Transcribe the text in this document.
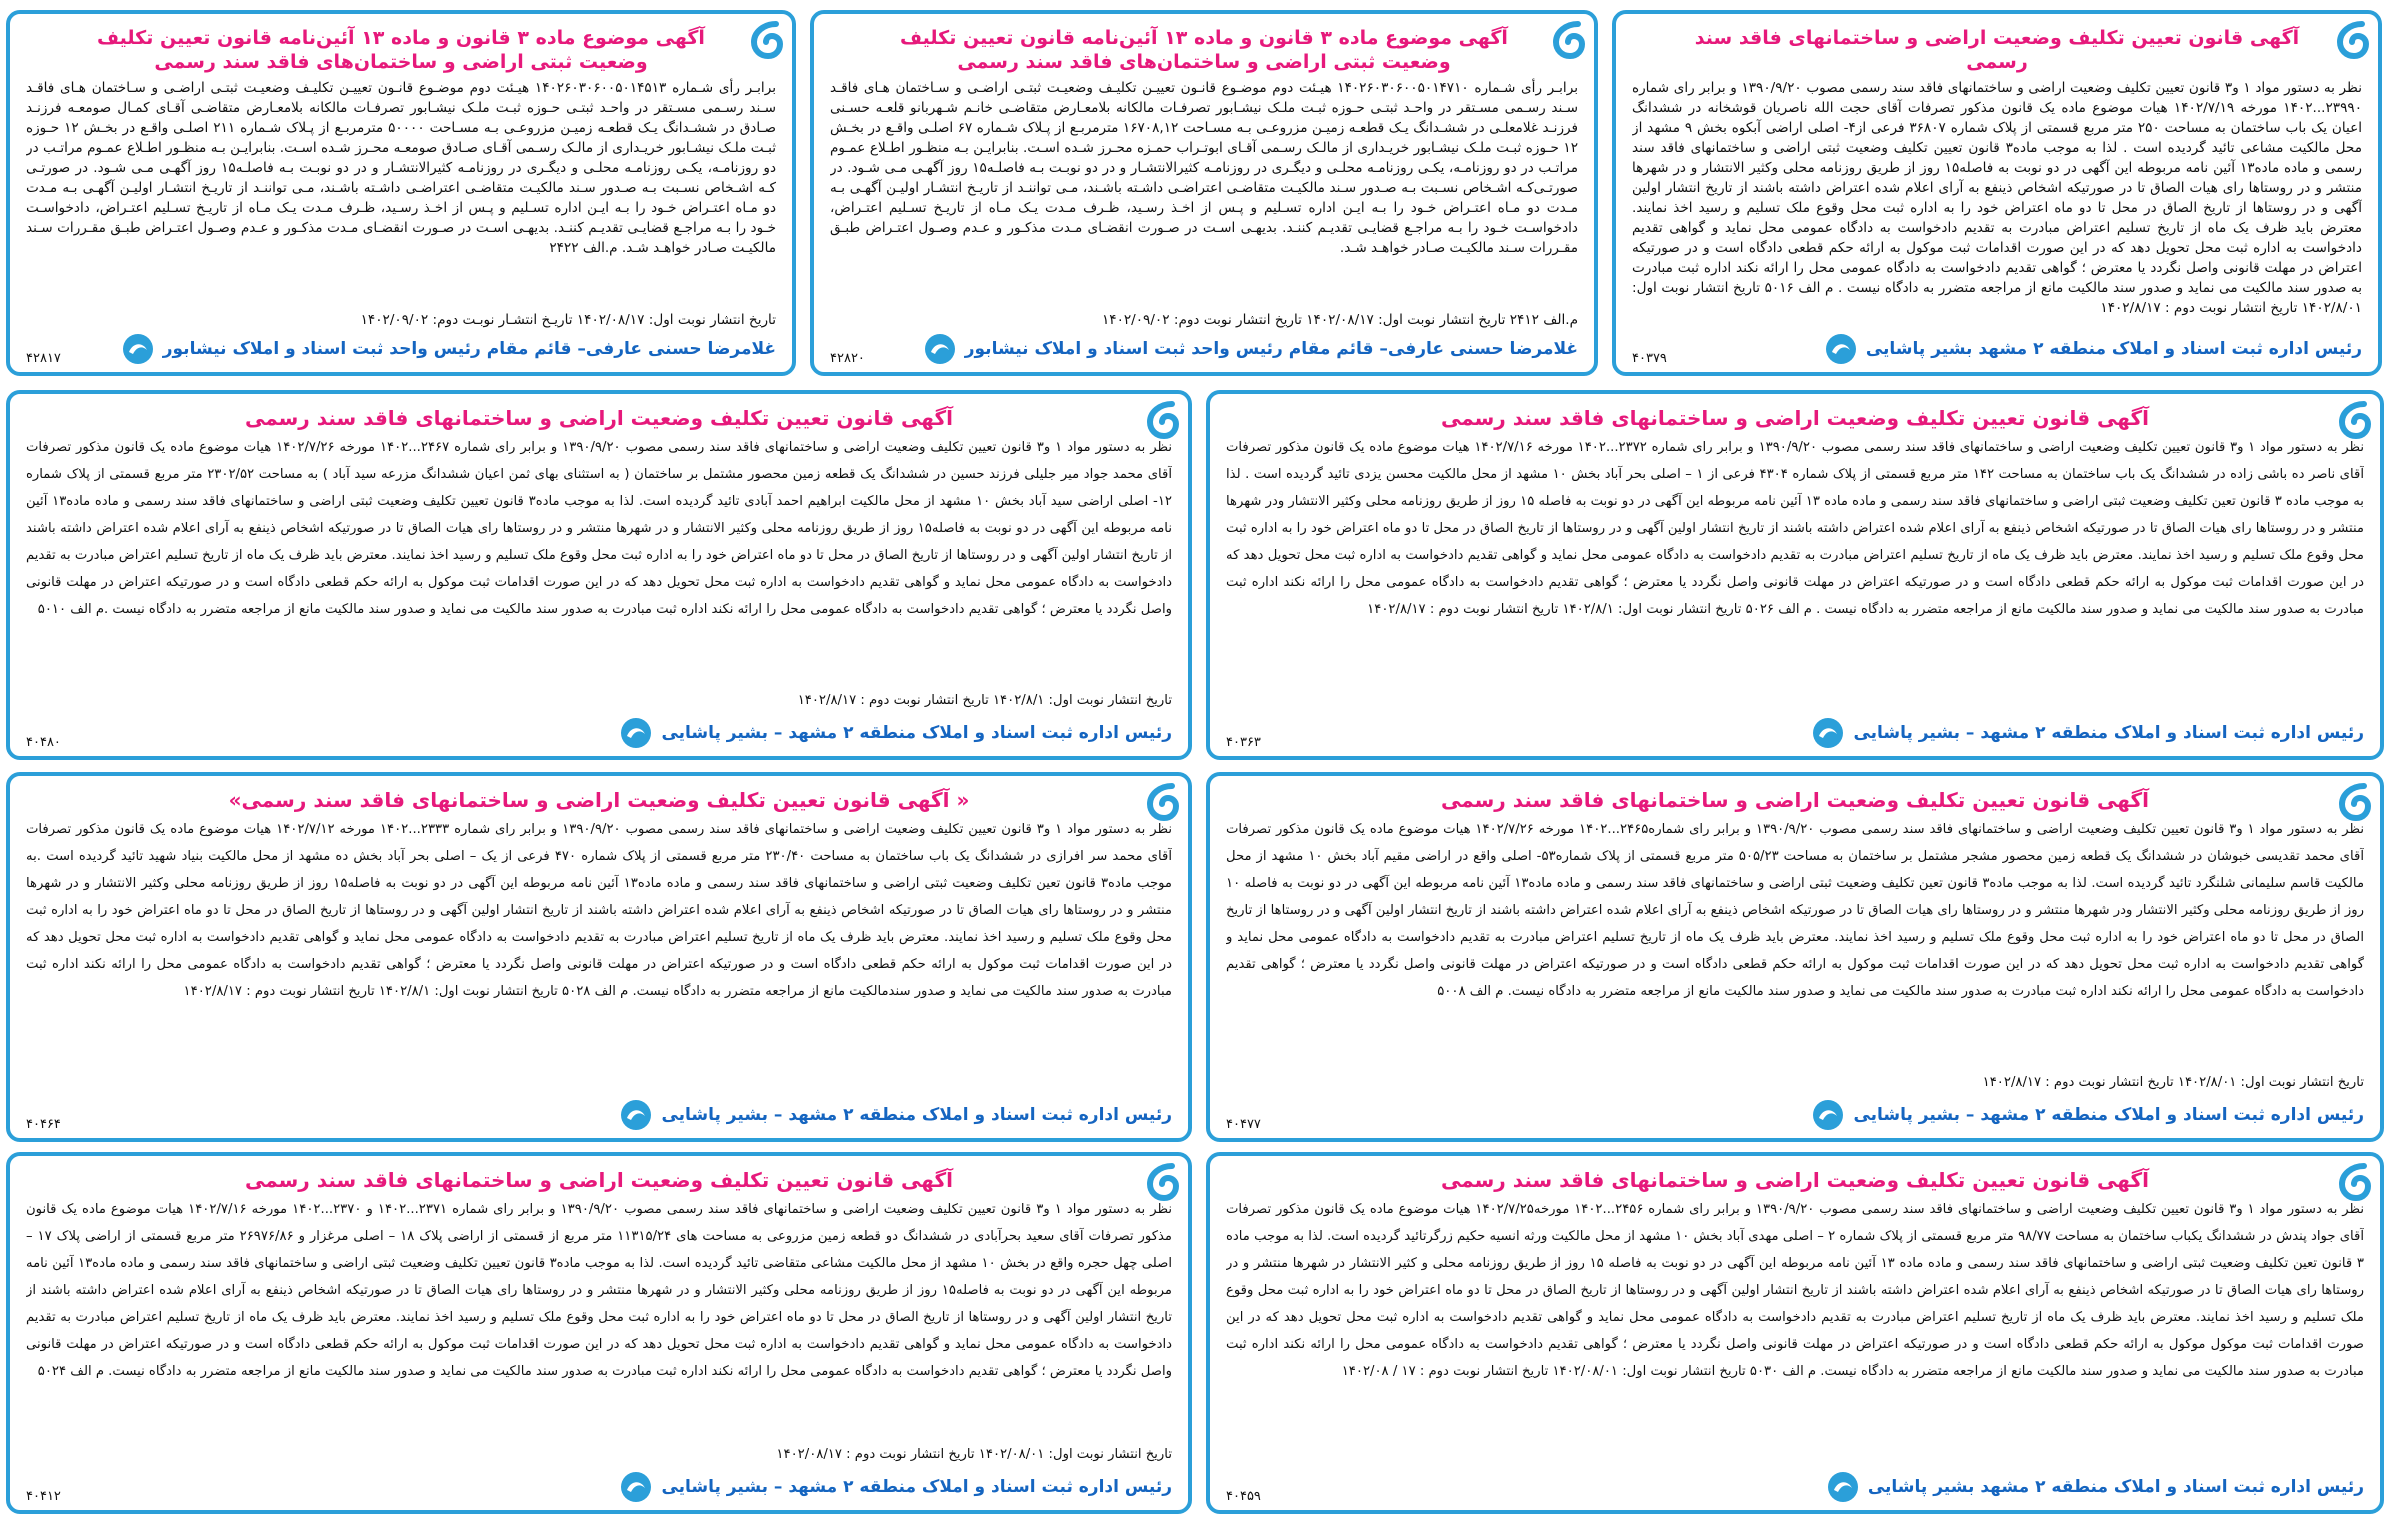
آگهی قانون تعیین تکلیف وضعیت اراضی و ساختمانهای فاقد سند رسمی
نظر به دستور مواد ۱ و۳ قانون تعیین تکلیف وضعیت اراضی و ساختمانهای فاقد سند رسمی مصوب ۱۳۹۰/۹/۲۰ و برابر رای شماره ۲۳۹۹۰...۱۴۰۲ مورخه ۱۴۰۲/۷/۱۹ هیات موضوع ماده یک قانون مذکور تصرفات آقای حجت الله ناصریان قوشخانه در ششدانگ اعیان یک باب ساختمان به مساحت ۲۵۰ متر مربع قسمتی از پلاک شماره ۳۶۸۰۷ فرعی از۴- اصلی اراضی آبکوه بخش ۹ مشهد از محل مالکیت مشاعی تائید گردیده است . لذا به موجب ماده۳ قانون تعیین تکلیف وضعیت ثبتی اراضی و ساختمانهای فاقد سند رسمی و ماده ماده۱۳ آئین نامه مربوطه این آگهی در دو نوبت به فاصله۱۵ روز از طریق روزنامه محلی وکثیر الانتشار و در شهرها منتشر و در روستاها رای هیات الصاق تا در صورتیکه اشخاص ذینفع به آرای اعلام شده اعتراض داشته باشند از تاریخ انتشار اولین آگهی و در روستاها از تاریخ الصاق در محل تا دو ماه اعتراض خود را به اداره ثبت محل وقوع ملک تسلیم و رسید اخذ نمایند. معترض باید ظرف یک ماه از تاریخ تسلیم اعتراض مبادرت به تقدیم دادخواست به دادگاه عمومی محل نماید و گواهی تقدیم دادخواست به اداره ثبت محل تحویل دهد که در این صورت اقدامات ثبت موکول به ارائه حکم قطعی دادگاه است و در صورتیکه اعتراض در مهلت قانونی واصل نگردد یا معترض ؛ گواهی تقدیم دادخواست به دادگاه عمومی محل را ارائه نکند اداره ثبت مبادرت به صدور سند مالکیت می نماید و صدور سند مالکیت مانع از مراجعه متضرر به دادگاه نیست . م الف ۵۰۱۶ تاریخ انتشار نوبت اول: ۱۴۰۲/۸/۰۱ تاریخ انتشار نوبت دوم : ۱۴۰۲/۸/۱۷
رئیس اداره ثبت اسناد و املاک منطقه ۲ مشهد بشیر پاشایی
۴۰۳۷۹
آگهی موضوع ماده ۳ قانون و ماده ۱۳ آئین‌نامه قانون تعیین تکلیف وضعیت ثبتی اراضی و ساختمان‌های فاقد سند رسمی
برابـر رأی شـماره ۱۴۰۲۶۰۳۰۶۰۰۵۰۱۴۷۱۰ هیـئت دوم موضـوع قانـون تعییـن تکلیـف وضعیـت ثبتـی اراضـی و سـاختمان هـای فاقـد سـند رسـمی مسـتقر در واحـد ثبتـی حـوزه ثبـت ملـک نیشـابور تصرفـات مالکانه بلامعـارض متقاضـی خانـم شـهربانو قلعـه حسـنی فرزنـد غلامعلـی در ششـدانگ یـک قطعـه زمیـن مزروعـی بـه مسـاحت ۱۶۷۰۸,۱۲ مترمربـع از پـلاک شـماره ۶۷ اصلـی واقـع در بخـش ۱۲ حـوزه ثبـت ملـک نیشـابور خریـداری از مالـک رسـمی آقـای ابوتـراب حمـزه محـرز شـده اسـت. بنابرایـن بـه منظـور اطـلاع عمـوم مراتـب در دو روزنامـه، یکـی روزنامـه محلـی و دیگـری در روزنامـه کثیرالانتشـار و در دو نوبـت بـه فاصلـه۱۵ روز آگهـی مـی شـود. در صورتـی‌کـه اشـخاص نسـبت بـه صـدور سـند مالکیـت متقاضـی اعتراضـی داشـته باشـند، مـی تواننـد از تاریـخ انتشـار اولیـن آگهـی بـه مـدت دو مـاه اعتـراض خـود را بـه ایـن اداره تسـلیم و پـس از اخـذ رسـید، ظـرف مـدت یـک مـاه از تاریـخ تسـلیم اعتـراض، دادخواسـت خـود را بـه مراجـع قضایـی تقدیـم کننـد. بدیهـی اسـت در صـورت انقضـای مـدت مذکـور و عـدم وصـول اعتـراض طبـق مقـررات سـند مالکیـت صـادر خواهـد شـد.
م.الف ۲۴۱۲ تاریخ انتشار نوبت اول: ۱۴۰۲/۰۸/۱۷ تاریخ انتشار نوبت دوم: ۱۴۰۲/۰۹/۰۲
غلامرضا حسنی عارفی– قائم مقام رئیس واحد ثبت اسناد و املاک نیشابور
۴۲۸۲۰
آگهی موضوع ماده ۳ قانون و ماده ۱۳ آئین‌نامه قانون تعیین تکلیف وضعیت ثبتی اراضی و ساختمان‌های فاقد سند رسمی
برابـر رأی شـماره ۱۴۰۲۶۰۳۰۶۰۰۵۰۱۴۵۱۳ هیـئت دوم موضـوع قانـون تعییـن تکلیـف وضعیـت ثبتـی اراضـی و سـاختمان هـای فاقـد سـند رسـمی مسـتقر در واحـد ثبتـی حـوزه ثبـت ملـک نیشـابور تصرفـات مالکانه بلامعـارض متقاضـی آقـای کمـال صومعـه فرزنـد صـادق در ششـدانگ یـک قطعـه زمیـن مزروعـی بـه مسـاحت ۵۰۰۰۰ مترمربـع از پـلاک شـماره ۲۱۱ اصلـی واقـع در بخـش ۱۲ حـوزه ثبـت ملـک نیشـابور خریـداری از مالـک رسـمی آقـای صـادق صومعـه محـرز شـده اسـت. بنابرایـن بـه منظـور اطـلاع عمـوم مراتـب در دو روزنامـه، یکـی روزنامـه محلـی و دیگـری در روزنامـه کثیرالانتشـار و در دو نوبـت بـه فاصلـه۱۵ روز آگهـی مـی شـود. در صورتـی کـه اشـخاص نسـبت بـه صـدور سـند مالکیـت متقاضـی اعتراضـی داشـته باشـند، مـی تواننـد از تاریـخ انتشـار اولیـن آگهـی بـه مـدت دو مـاه اعتـراض خـود را بـه ایـن اداره تسـلیم و پـس از اخـذ رسـید، ظـرف مـدت یـک مـاه از تاریـخ تسـلیم اعتـراض، دادخواسـت خـود را بـه مراجـع قضایـی تقدیـم کننـد. بدیهـی اسـت در صـورت انقضـای مـدت مذکـور و عـدم وصـول اعتـراض طبـق مقـررات سـند مالکیـت صـادر خواهـد شـد. م.الف ۲۴۲۲
تاریخ انتشار نوبت اول: ۱۴۰۲/۰۸/۱۷ تاریـخ انتشـار نوبـت دوم: ۱۴۰۲/۰۹/۰۲
غلامرضا حسنی عارفی– قائم مقام رئیس واحد ثبت اسناد و املاک نیشابور
۴۲۸۱۷
آگهی قانون تعیین تکلیف وضعیت اراضی و ساختمانهای فاقد سند رسمی
نظر به دستور مواد ۱ و۳ قانون تعیین تکلیف وضعیت اراضی و ساختمانهای فاقد سند رسمی مصوب ۱۳۹۰/۹/۲۰ و برابر رای شماره ۲۳۷۲...۱۴۰۲ مورخه ۱۴۰۲/۷/۱۶ هیات موضوع ماده یک قانون مذکور تصرفات آقای ناصر ده باشی زاده در ششدانگ یک باب ساختمان به مساحت ۱۴۲ متر مربع قسمتی از پلاک شماره ۴۳۰۴ فرعی از ۱ – اصلی بحر آباد بخش ۱۰ مشهد از محل مالکیت محسن یزدی تائید گردیده است . لذا به موجب ماده ۳ قانون تعین تکلیف وضعیت ثبتی اراضی و ساختمانهای فاقد سند رسمی و ماده ماده ۱۳ آئین نامه مربوطه این آگهی در دو نوبت به فاصله ۱۵ روز از طریق روزنامه محلی وکثیر الانتشار ودر شهرها منتشر و در روستاها رای هیات الصاق تا در صورتیکه اشخاص ذینفع به آرای اعلام شده اعتراض داشته باشند از تاریخ انتشار اولین آگهی و در روستاها از تاریخ الصاق در محل تا دو ماه اعتراض خود را به اداره ثبت محل وقوع ملک تسلیم و رسید اخذ نمایند. معترض باید ظرف یک ماه از تاریخ تسلیم اعتراض مبادرت به تقدیم دادخواست به دادگاه عمومی محل نماید و گواهی تقدیم دادخواست به اداره ثبت محل تحویل دهد که در این صورت اقدامات ثبت موکول به ارائه حکم قطعی دادگاه است و در صورتیکه اعتراض در مهلت قانونی واصل نگردد یا معترض ؛ گواهی تقدیم دادخواست به دادگاه عمومی محل را ارائه نکند اداره ثبت مبادرت به صدور سند مالکیت می نماید و صدور سند مالکیت مانع از مراجعه متضرر به دادگاه نیست . م الف ۵۰۲۶ تاریخ انتشار نوبت اول: ۱۴۰۲/۸/۱ تاریخ انتشار نوبت دوم : ۱۴۰۲/۸/۱۷
رئیس اداره ثبت اسناد و املاک منطقه ۲ مشهد – بشیر پاشایی
۴۰۳۶۳
آگهی قانون تعیین تکلیف وضعیت اراضی و ساختمانهای فاقد سند رسمی
نظر به دستور مواد ۱ و۳ قانون تعیین تکلیف وضعیت اراضی و ساختمانهای فاقد سند رسمی مصوب ۱۳۹۰/۹/۲۰ و برابر رای شماره ۲۴۶۷...۱۴۰۲ مورخه ۱۴۰۲/۷/۲۶ هیات موضوع ماده یک قانون مذکور تصرفات آقای محمد جواد میر جلیلی فرزند حسین در ششدانگ یک قطعه زمین محصور مشتمل بر ساختمان ( به استثنای بهای ثمن اعیان ششدانگ مزرعه سید آباد ) به مساحت ۲۳۰۲/۵۲ متر مربع قسمتی از پلاک شماره ۱۲- اصلی اراضی سید آباد بخش ۱۰ مشهد از محل مالکیت ابراهیم احمد آبادی تائید گردیده است. لذا به موجب ماده۳ قانون تعیین تکلیف وضعیت ثبتی اراضی و ساختمانهای فاقد سند رسمی و ماده ماده۱۳ آئین نامه مربوطه این آگهی در دو نوبت به فاصله۱۵ روز از طریق روزنامه محلی وکثیر الانتشار و در شهرها منتشر و در روستاها رای هیات الصاق تا در صورتیکه اشخاص ذینفع به آرای اعلام شده اعتراض داشته باشند از تاریخ انتشار اولین آگهی و در روستاها از تاریخ الصاق در محل تا دو ماه اعتراض خود را به اداره ثبت محل وقوع ملک تسلیم و رسید اخذ نمایند. معترض باید ظرف یک ماه از تاریخ تسلیم اعتراض مبادرت به تقدیم دادخواست به دادگاه عمومی محل نماید و گواهی تقدیم دادخواست به اداره ثبت محل تحویل دهد که در این صورت اقدامات ثبت موکول به ارائه حکم قطعی دادگاه است و در صورتیکه اعتراض در مهلت قانونی واصل نگردد یا معترض ؛ گواهی تقدیم دادخواست به دادگاه عمومی محل را ارائه نکند اداره ثبت مبادرت به صدور سند مالکیت می نماید و صدور سند مالکیت مانع از مراجعه متضرر به دادگاه نیست .م الف ۵۰۱۰
تاریخ انتشار نوبت اول: ۱۴۰۲/۸/۱ تاریخ انتشار نوبت دوم : ۱۴۰۲/۸/۱۷
رئیس اداره ثبت اسناد و املاک منطقه ۲ مشهد – بشیر پاشایی
۴۰۴۸۰
آگهی قانون تعیین تکلیف وضعیت اراضی و ساختمانهای فاقد سند رسمی
نظر به دستور مواد ۱ و۳ قانون تعیین تکلیف وضعیت اراضی و ساختمانهای فاقد سند رسمی مصوب ۱۳۹۰/۹/۲۰ و برابر رای شماره۲۴۶۵...۱۴۰۲ مورخه ۱۴۰۲/۷/۲۶ هیات موضوع ماده یک قانون مذکور تصرفات آقای محمد تقدیسی خبوشان در ششدانگ یک قطعه زمین محصور مشجر مشتمل بر ساختمان به مساحت ۵۰۵/۲۳ متر مربع قسمتی از پلاک شماره۵۳- اصلی واقع در اراضی مقیم آباد بخش ۱۰ مشهد از محل مالکیت قاسم سلیمانی شلنگرد تائید گردیده است. لذا به موجب ماده۳ قانون تعین تکلیف وضعیت ثبتی اراضی و ساختمانهای فاقد سند رسمی و ماده ماده۱۳ آئین نامه مربوطه این آگهی در دو نوبت به فاصله ۱۰ روز از طریق روزنامه محلی وکثیر الانتشار ودر شهرها منتشر و در روستاها رای هیات الصاق تا در صورتیکه اشخاص ذینفع به آرای اعلام شده اعتراض داشته باشند از تاریخ انتشار اولین آگهی و در روستاها از تاریخ الصاق در محل تا دو ماه اعتراض خود را به اداره ثبت محل وقوع ملک تسلیم و رسید اخذ نمایند. معترض باید ظرف یک ماه از تاریخ تسلیم اعتراض مبادرت به تقدیم دادخواست به دادگاه عمومی محل نماید و گواهی تقدیم دادخواست به اداره ثبت محل تحویل دهد که در این صورت اقدامات ثبت موکول به ارائه حکم قطعی دادگاه است و در صورتیکه اعتراض در مهلت قانونی واصل نگردد یا معترض ؛ گواهی تقدیم دادخواست به دادگاه عمومی محل را ارائه نکند اداره ثبت مبادرت به صدور سند مالکیت می نماید و صدور سند مالکیت مانع از مراجعه متضرر به دادگاه نیست. م الف ۵۰۰۸
تاریخ انتشار نوبت اول: ۱۴۰۲/۸/۰۱ تاریخ انتشار نوبت دوم : ۱۴۰۲/۸/۱۷
رئیس اداره ثبت اسناد و املاک منطقه ۲ مشهد – بشیر پاشایی
۴۰۴۷۷
« آگهی قانون تعیین تکلیف وضعیت اراضی و ساختمانهای فاقد سند رسمی»
نظر به دستور مواد ۱ و۳ قانون تعیین تکلیف وضعیت اراضی و ساختمانهای فاقد سند رسمی مصوب ۱۳۹۰/۹/۲۰ و برابر رای شماره ۲۳۳۳...۱۴۰۲ مورخه ۱۴۰۲/۷/۱۲ هیات موضوع ماده یک قانون مذکور تصرفات آقای محمد سر افرازی در ششدانگ یک باب ساختمان به مساحت ۲۳۰/۴۰ متر مربع قسمتی از پلاک شماره ۴۷۰ فرعی از یک – اصلی بحر آباد بخش ده مشهد از محل مالکیت بنیاد شهید تائید گردیده است .به موجب ماده۳ قانون تعین تکلیف وضعیت ثبتی اراضی و ساختمانهای فاقد سند رسمی و ماده ماده۱۳ آئین نامه مربوطه این آگهی در دو نوبت به فاصله۱۵ روز از طریق روزنامه محلی وکثیر الانتشار و در شهرها منتشر و در روستاها رای هیات الصاق تا در صورتیکه اشخاص ذینفع به آرای اعلام شده اعتراض داشته باشند از تاریخ انتشار اولین آگهی و در روستاها از تاریخ الصاق در محل تا دو ماه اعتراض خود را به اداره ثبت محل وقوع ملک تسلیم و رسید اخذ نمایند. معترض باید ظرف یک ماه از تاریخ تسلیم اعتراض مبادرت به تقدیم دادخواست به دادگاه عمومی محل نماید و گواهی تقدیم دادخواست به اداره ثبت محل تحویل دهد که در این صورت اقدامات ثبت موکول به ارائه حکم قطعی دادگاه است و در صورتیکه اعتراض در مهلت قانونی واصل نگردد یا معترض ؛ گواهی تقدیم دادخواست به دادگاه عمومی محل را ارائه نکند اداره ثبت مبادرت به صدور سند مالکیت می نماید و صدور سندمالکیت مانع از مراجعه متضرر به دادگاه نیست. م الف ۵۰۲۸ تاریخ انتشار نوبت اول: ۱۴۰۲/۸/۱ تاریخ انتشار نوبت دوم : ۱۴۰۲/۸/۱۷
رئیس اداره ثبت اسناد و املاک منطقه ۲ مشهد – بشیر پاشایی
۴۰۴۶۴
آگهی قانون تعیین تکلیف وضعیت اراضی و ساختمانهای فاقد سند رسمی
نظر به دستور مواد ۱ و۳ قانون تعیین تکلیف وضعیت اراضی و ساختمانهای فاقد سند رسمی مصوب ۱۳۹۰/۹/۲۰ و برابر رای شماره ۲۴۵۶...۱۴۰۲ مورخه۱۴۰۲/۷/۲۵ هیات موضوع ماده یک قانون مذکور تصرفات آقای جواد پندش در ششدانگ یکباب ساختمان به مساحت ۹۸/۷۷ متر مربع قسمتی از پلاک شماره ۲ – اصلی مهدی آباد بخش ۱۰ مشهد از محل مالکیت ورثه انسیه حکیم زرگرتائید گردیده است. لذا به موجب ماده ۳ قانون تعین تکلیف وضعیت ثبتی اراضی و ساختمانهای فاقد سند رسمی و ماده ماده ۱۳ آئین نامه مربوطه این آگهی در دو نوبت به فاصله ۱۵ روز از طریق روزنامه محلی و کثیر الانتشار در شهرها منتشر و در روستاها رای هیات الصاق تا در صورتیکه اشخاص ذینفع به آرای اعلام شده اعتراض داشته باشند از تاریخ انتشار اولین آگهی و در روستاها از تاریخ الصاق در محل تا دو ماه اعتراض خود را به اداره ثبت محل وقوع ملک تسلیم و رسید اخذ نمایند. معترض باید ظرف یک ماه از تاریخ تسلیم اعتراض مبادرت به تقدیم دادخواست به دادگاه عمومی محل نماید و گواهی تقدیم دادخواست به اداره ثبت محل تحویل دهد که در این صورت اقدامات ثبت موکول موکول به ارائه حکم قطعی دادگاه است و در صورتیکه اعتراض در مهلت قانونی واصل نگردد یا معترض ؛ گواهی تقدیم دادخواست به دادگاه عمومی محل را ارائه نکند اداره ثبت مبادرت به صدور سند مالکیت می نماید و صدور سند مالکیت مانع از مراجعه متضرر به دادگاه نیست. م الف ۵۰۳۰ تاریخ انتشار نوبت اول: ۱۴۰۲/۰۸/۰۱ تاریخ انتشار نوبت دوم : ۱۷ / ۱۴۰۲/۰۸
رئیس اداره ثبت اسناد و املاک منطقه ۲ مشهد بشیر پاشایی
۴۰۴۵۹
آگهی قانون تعیین تکلیف وضعیت اراضی و ساختمانهای فاقد سند رسمی
نظر به دستور مواد ۱ و۳ قانون تعیین تکلیف وضعیت اراضی و ساختمانهای فاقد سند رسمی مصوب ۱۳۹۰/۹/۲۰ و برابر رای شماره ۲۳۷۱...۱۴۰۲ و ۲۳۷۰...۱۴۰۲ مورخه ۱۴۰۲/۷/۱۶ هیات موضوع ماده یک قانون مذکور تصرفات آقای سعید بحرآبادی در ششدانگ دو قطعه زمین مزروعی به مساحت های ۱۱۳۱۵/۲۴ متر مربع از قسمتی از اراضی پلاک ۱۸ – اصلی مرغزار و ۲۶۹۷۶/۸۶ متر مربع قسمتی از اراضی پلاک ۱۷ – اصلی چهل حجره واقع در بخش ۱۰ مشهد از محل مالکیت مشاعی متقاضی تائید گردیده است. لذا به موجب ماده۳ قانون تعیین تکلیف وضعیت ثبتی اراضی و ساختمانهای فاقد سند رسمی و ماده ماده۱۳ آئین نامه مربوطه این آگهی در دو نوبت به فاصله۱۵ روز از طریق روزنامه محلی وکثیر الانتشار و در شهرها منتشر و در روستاها رای هیات الصاق تا در صورتیکه اشخاص ذینفع به آرای اعلام شده اعتراض داشته باشند از تاریخ انتشار اولین آگهی و در روستاها از تاریخ الصاق در محل تا دو ماه اعتراض خود را به اداره ثبت محل وقوع ملک تسلیم و رسید اخذ نمایند. معترض باید ظرف یک ماه از تاریخ تسلیم اعتراض مبادرت به تقدیم دادخواست به دادگاه عمومی محل نماید و گواهی تقدیم دادخواست به اداره ثبت محل تحویل دهد که در این صورت اقدامات ثبت موکول به ارائه حکم قطعی دادگاه است و در صورتیکه اعتراض در مهلت قانونی واصل نگردد یا معترض ؛ گواهی تقدیم دادخواست به دادگاه عمومی محل را ارائه نکند اداره ثبت مبادرت به صدور سند مالکیت می نماید و صدور سند مالکیت مانع از مراجعه متضرر به دادگاه نیست. م الف ۵۰۲۴
تاریخ انتشار نوبت اول: ۱۴۰۲/۰۸/۰۱ تاریخ انتشار نوبت دوم : ۱۴۰۲/۰۸/۱۷
رئیس اداره ثبت اسناد و املاک منطقه ۲ مشهد – بشیر پاشایی
۴۰۴۱۲
